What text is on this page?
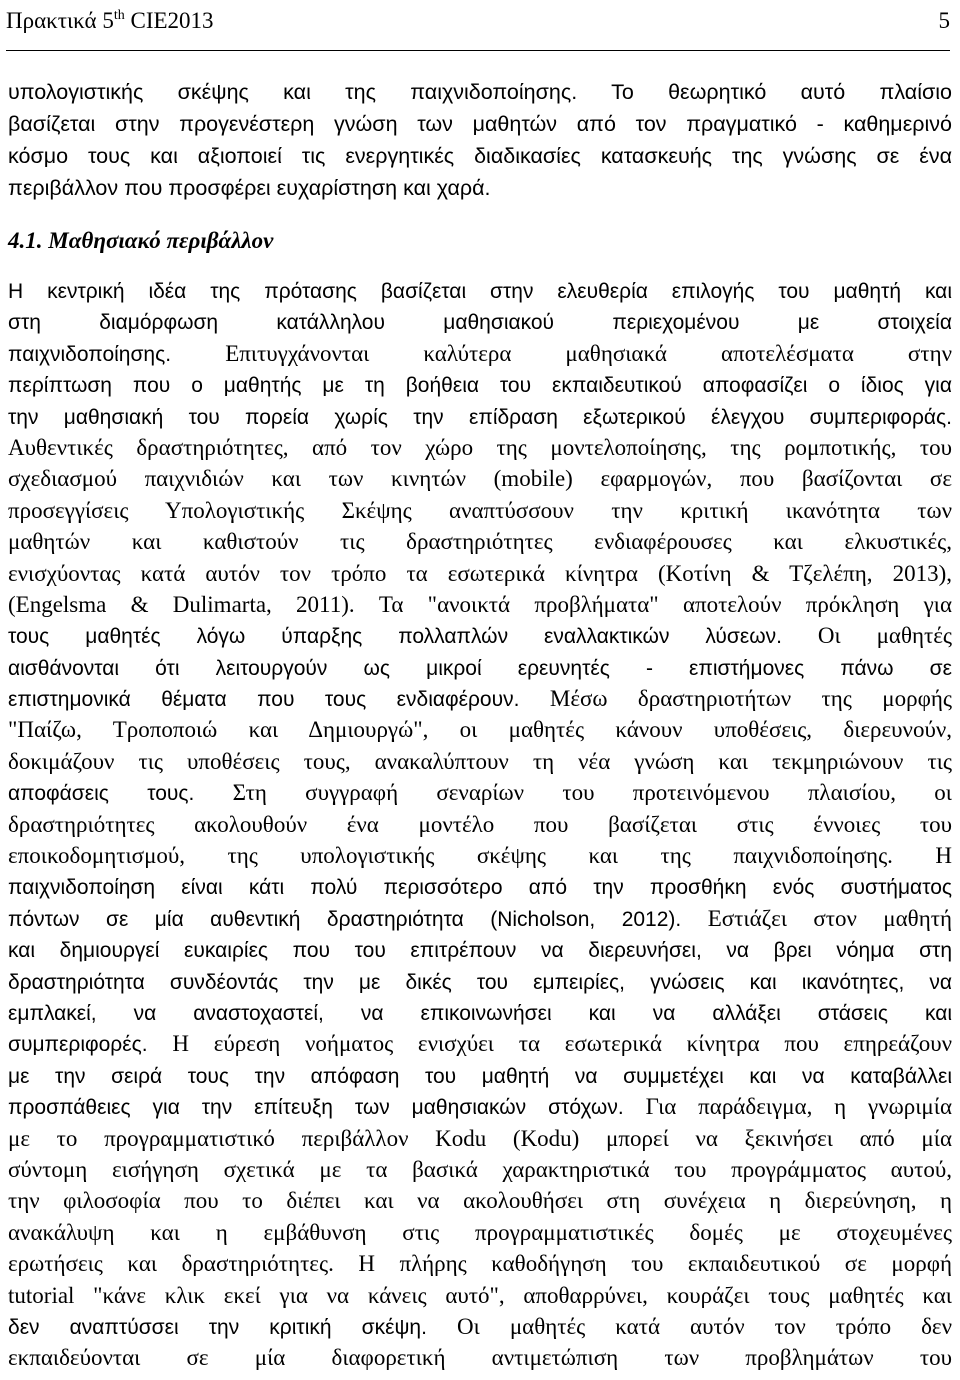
Πρακτικά 5th CIE2013	5
υπολογιστικής σκέψης και της παιχνιδοποίησης. Το θεωρητικό αυτό πλαίσιο
βασίζεται στην προγενέστερη γνώση των μαθητών από τον πραγματικό - καθημερινό
κόσμο τους και αξιοποιεί τις ενεργητικές διαδικασίες κατασκευής της γνώσης σε ένα
περιβάλλον που προσφέρει ευχαρίστηση και χαρά.
4.1. Μαθησιακό περιβάλλον
Η κεντρική ιδέα της πρότασης βασίζεται στην ελευθερία επιλογής του μαθητή και
στη διαμόρφωση κατάλληλου μαθησιακού περιεχομένου με στοιχεία
παιχνιδοποίησης. Επιτυγχάνονται καλύτερα μαθησιακά αποτελέσματα στην
περίπτωση που ο μαθητής με τη βοήθεια του εκπαιδευτικού αποφασίζει ο ίδιος για
την μαθησιακή του πορεία χωρίς την επίδραση εξωτερικού έλεγχου συμπεριφοράς.
Αυθεντικές δραστηριότητες, από τον χώρο της μοντελοποίησης, της ρομποτικής, του
σχεδιασμού παιχνιδιών και των κινητών (mobile) εφαρμογών, που βασίζονται σε
προσεγγίσεις Υπολογιστικής Σκέψης αναπτύσσουν την κριτική ικανότητα των
μαθητών και καθιστούν τις δραστηριότητες ενδιαφέρουσες και ελκυστικές,
ενισχύοντας κατά αυτόν τον τρόπο τα εσωτερικά κίνητρα (Κοτίνη & Τζελέπη, 2013),
(Engelsma & Dulimarta, 2011). Τα "ανοικτά προβλήματα" αποτελούν πρόκληση για
τους μαθητές λόγω ύπαρξης πολλαπλών εναλλακτικών λύσεων. Οι μαθητές
αισθάνονται ότι λειτουργούν ως μικροί ερευνητές - επιστήμονες πάνω σε
επιστημονικά θέματα που τους ενδιαφέρουν. Μέσω δραστηριοτήτων της μορφής
"Παίζω, Τροποποιώ και Δημιουργώ", οι μαθητές κάνουν υποθέσεις, διερευνούν,
δοκιμάζουν τις υποθέσεις τους, ανακαλύπτουν τη νέα γνώση και τεκμηριώνουν τις
αποφάσεις τους. Στη συγγραφή σεναρίων του προτεινόμενου πλαισίου, οι
δραστηριότητες ακολουθούν ένα μοντέλο που βασίζεται στις έννοιες του
εποικοδομητισμού, της υπολογιστικής σκέψης και της παιχνιδοποίησης. Η
παιχνιδοποίηση είναι κάτι πολύ περισσότερο από την προσθήκη ενός συστήματος
πόντων σε μία αυθεντική δραστηριότητα (Nicholson, 2012). Εστιάζει στον μαθητή
και δημιουργεί ευκαιρίες που του επιτρέπουν να διερευνήσει, να βρει νόημα στη
δραστηριότητα συνδέοντάς την με δικές του εμπειρίες, γνώσεις και ικανότητες, να
εμπλακεί, να αναστοχαστεί, να επικοινωνήσει και να αλλάξει στάσεις και
συμπεριφορές. Η εύρεση νοήματος ενισχύει τα εσωτερικά κίνητρα που επηρεάζουν
με την σειρά τους την απόφαση του μαθητή να συμμετέχει και να καταβάλλει
προσπάθειες για την επίτευξη των μαθησιακών στόχων. Για παράδειγμα, η γνωριμία
με το προγραμματιστικό περιβάλλον Kodu (Kodu) μπορεί να ξεκινήσει από μία
σύντομη εισήγηση σχετικά με τα βασικά χαρακτηριστικά του προγράμματος αυτού,
την φιλοσοφία που το διέπει και να ακολουθήσει στη συνέχεια η διερεύνηση, η
ανακάλυψη και η εμβάθυνση στις προγραμματιστικές δομές με στοχευμένες
ερωτήσεις και δραστηριότητες. Η πλήρης καθοδήγηση του εκπαιδευτικού σε μορφή
tutorial "κάνε κλικ εκεί για να κάνεις αυτό", αποθαρρύνει, κουράζει τους μαθητές και
δεν αναπτύσσει την κριτική σκέψη. Οι μαθητές κατά αυτόν τον τρόπο δεν
εκπαιδεύονται σε μία διαφορετική αντιμετώπιση των προβλημάτων του
